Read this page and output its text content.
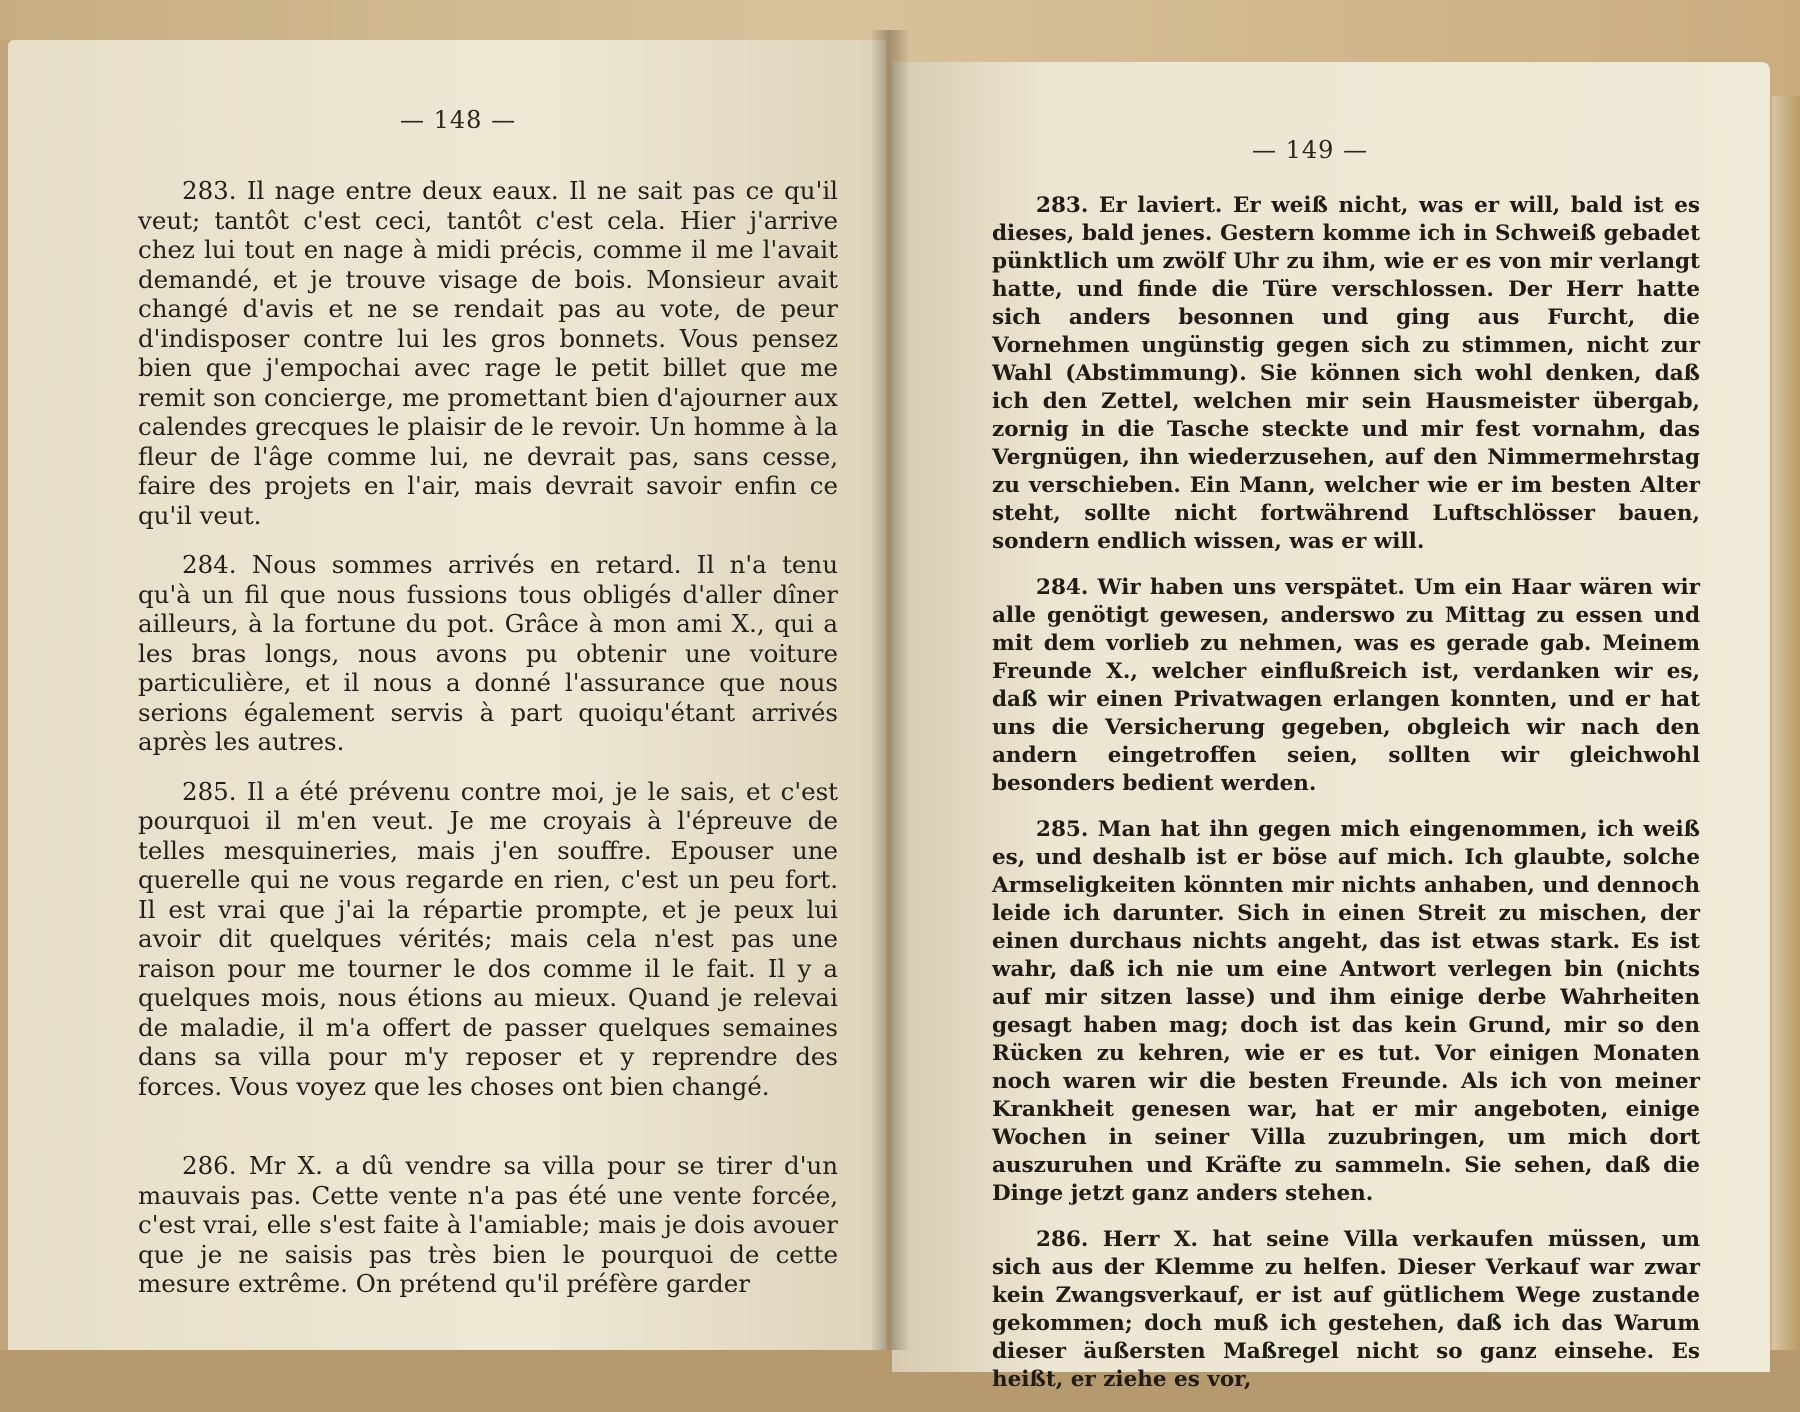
— 148 —

283. Il nage entre deux eaux. Il ne sait pas ce qu'il veut; tantôt c'est ceci, tantôt c'est cela. Hier j'arrive chez lui tout en nage à midi précis, comme il me l'avait demandé, et je trouve visage de bois. Monsieur avait changé d'avis et ne se rendait pas au vote, de peur d'indisposer contre lui les gros bonnets. Vous pensez bien que j'empochai avec rage le petit billet que me remit son concierge, me promettant bien d'ajourner aux calendes grecques le plaisir de le revoir. Un homme à la fleur de l'âge comme lui, ne devrait pas, sans cesse, faire des projets en l'air, mais devrait savoir enfin ce qu'il veut.

284. Nous sommes arrivés en retard. Il n'a tenu qu'à un fil que nous fussions tous obligés d'aller dîner ailleurs, à la fortune du pot. Grâce à mon ami X., qui a les bras longs, nous avons pu obtenir une voiture particulière, et il nous a donné l'assurance que nous serions également servis à part quoiqu'étant arrivés après les autres.

285. Il a été prévenu contre moi, je le sais, et c'est pourquoi il m'en veut. Je me croyais à l'épreuve de telles mesquineries, mais j'en souffre. Epouser une querelle qui ne vous regarde en rien, c'est un peu fort. Il est vrai que j'ai la répartie prompte, et je peux lui avoir dit quelques vérités; mais cela n'est pas une raison pour me tourner le dos comme il le fait. Il y a quelques mois, nous étions au mieux. Quand je relevai de maladie, il m'a offert de passer quelques semaines dans sa villa pour m'y reposer et y reprendre des forces. Vous voyez que les choses ont bien changé.

286. Mr X. a dû vendre sa villa pour se tirer d'un mauvais pas. Cette vente n'a pas été une vente forcée, c'est vrai, elle s'est faite à l'amiable; mais je dois avouer que je ne saisis pas très bien le pourquoi de cette mesure extrême. On prétend qu'il préfère garder

— 149 —

283. Er laviert. Er weiß nicht, was er will, bald ist es dieses, bald jenes. Gestern komme ich in Schweiß gebadet pünktlich um zwölf Uhr zu ihm, wie er es von mir verlangt hatte, und finde die Türe verschlossen. Der Herr hatte sich anders besonnen und ging aus Furcht, die Vornehmen ungünstig gegen sich zu stimmen, nicht zur Wahl (Abstimmung). Sie können sich wohl denken, daß ich den Zettel, welchen mir sein Hausmeister übergab, zornig in die Tasche steckte und mir fest vornahm, das Vergnügen, ihn wiederzusehen, auf den Nimmermehrstag zu verschieben. Ein Mann, welcher wie er im besten Alter steht, sollte nicht fortwährend Luftschlösser bauen, sondern endlich wissen, was er will.

284. Wir haben uns verspätet. Um ein Haar wären wir alle genötigt gewesen, anderswo zu Mittag zu essen und mit dem vorlieb zu nehmen, was es gerade gab. Meinem Freunde X., welcher einflußreich ist, verdanken wir es, daß wir einen Privatwagen erlangen konnten, und er hat uns die Versicherung gegeben, obgleich wir nach den andern eingetroffen seien, sollten wir gleichwohl besonders bedient werden.

285. Man hat ihn gegen mich eingenommen, ich weiß es, und deshalb ist er böse auf mich. Ich glaubte, solche Armseligkeiten könnten mir nichts anhaben, und dennoch leide ich darunter. Sich in einen Streit zu mischen, der einen durchaus nichts angeht, das ist etwas stark. Es ist wahr, daß ich nie um eine Antwort verlegen bin (nichts auf mir sitzen lasse) und ihm einige derbe Wahrheiten gesagt haben mag; doch ist das kein Grund, mir so den Rücken zu kehren, wie er es tut. Vor einigen Monaten noch waren wir die besten Freunde. Als ich von meiner Krankheit genesen war, hat er mir angeboten, einige Wochen in seiner Villa zuzubringen, um mich dort auszuruhen und Kräfte zu sammeln. Sie sehen, daß die Dinge jetzt ganz anders stehen.

286. Herr X. hat seine Villa verkaufen müssen, um sich aus der Klemme zu helfen. Dieser Verkauf war zwar kein Zwangsverkauf, er ist auf gütlichem Wege zustande gekommen; doch muß ich gestehen, daß ich das Warum dieser äußersten Maßregel nicht so ganz einsehe. Es heißt, er ziehe es vor,
